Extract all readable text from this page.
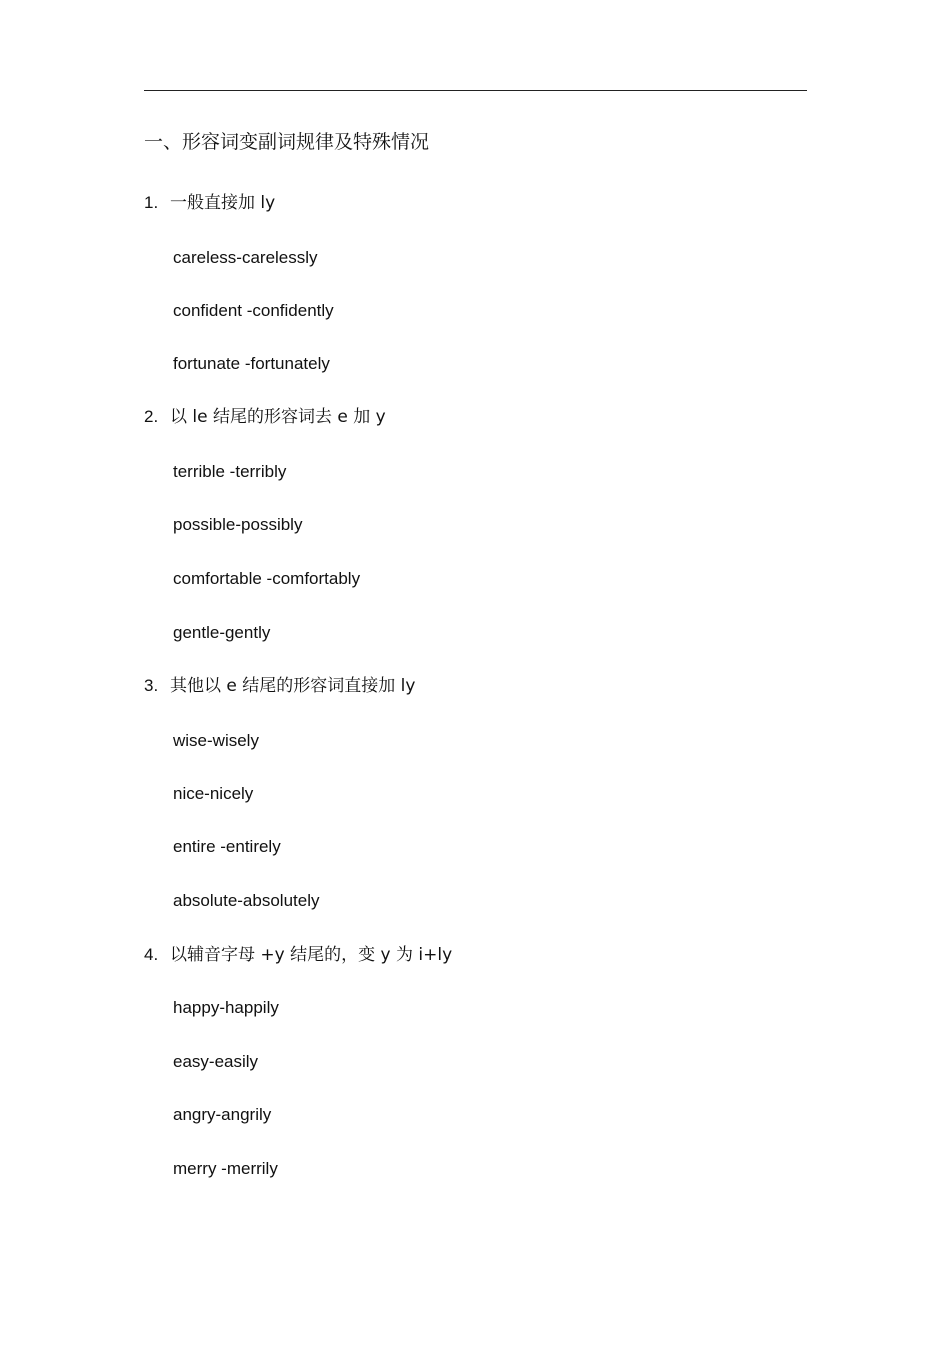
一、形容词变副词规律及特殊情况
1. 一般直接加 ly
careless-carelessly
confident -confidently
fortunate -fortunately
2. 以 le 结尾的形容词去 e 加 y
terrible -terribly
possible-possibly
comfortable -comfortably
gentle-gently
3. 其他以 e 结尾的形容词直接加 ly
wise-wisely
nice-nicely
entire -entirely
absolute-absolutely
4. 以辅音字母 +y 结尾的，变 y 为 i+ly
happy-happily
easy-easily
angry-angrily
merry -merrily
